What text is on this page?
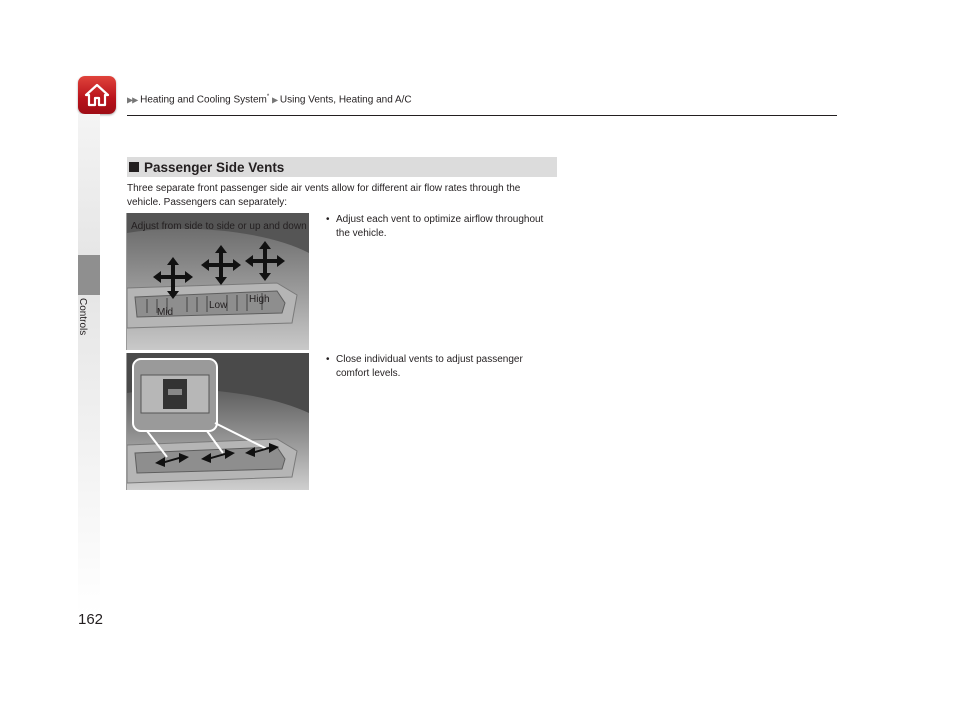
▶▶ Heating and Cooling System* ▶ Using Vents, Heating and A/C
Controls
Passenger Side Vents
Three separate front passenger side air vents allow for different air flow rates through the vehicle. Passengers can separately:
Adjust from side to side or up and down
Mid
Low
High
• Adjust each vent to optimize airflow throughout the vehicle.
• Close individual vents to adjust passenger comfort levels.
162
